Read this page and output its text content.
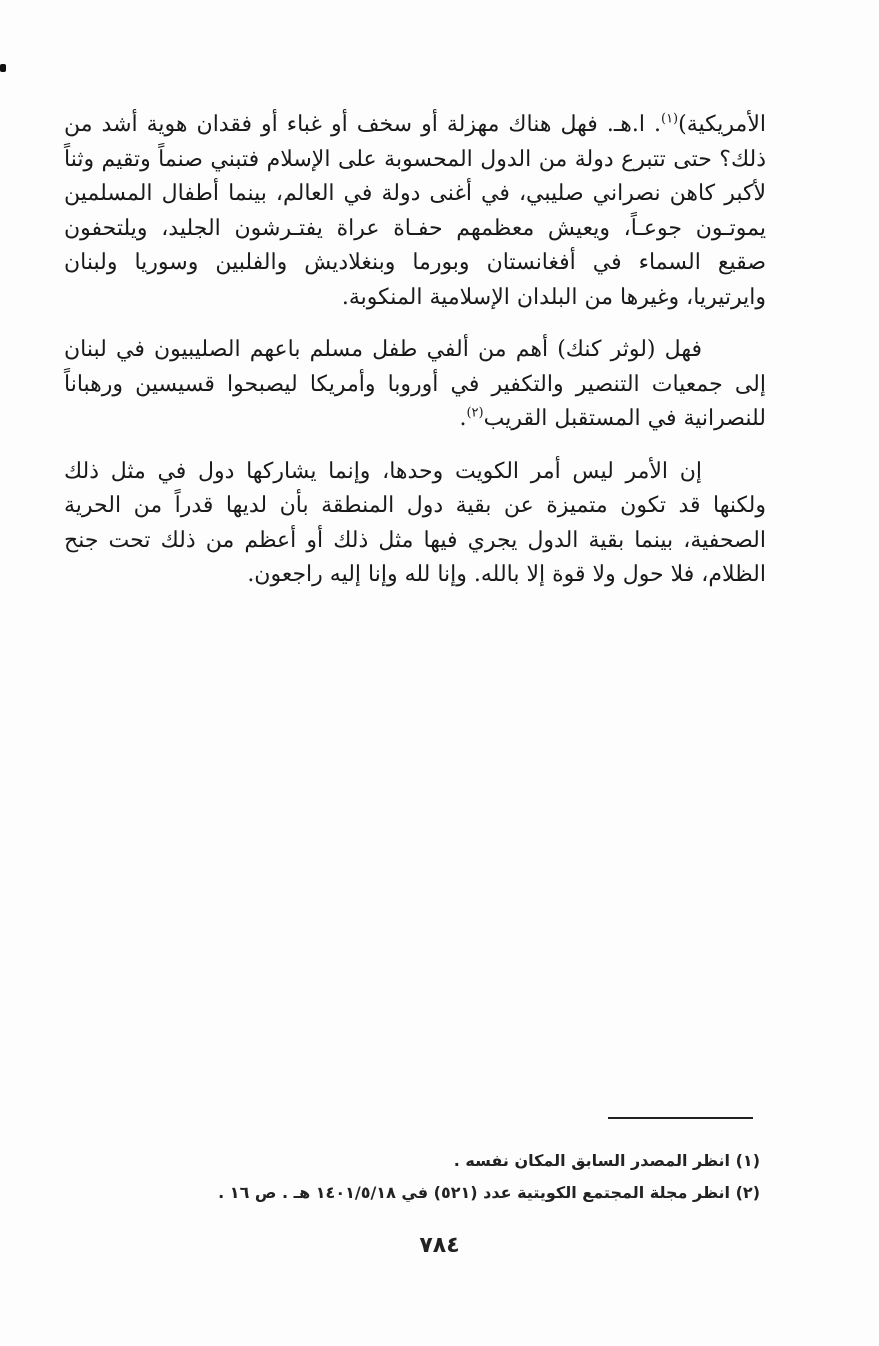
الأمريكية)$^{(١)}$. ا.هـ. فهل هناك مهزلة أو سخف أو غباء أو فقدان هوية أشد من ذلك؟ حتى تتبرع دولة من الدول المحسوبة على الإسلام فتبني صنماً وتقيم وثناً لأكبر كاهن نصراني صليبي، في أغنى دولة في العالم، بينما أطفال المسلمين يموتـون جوعـاً، ويعيش معظمهم حفـاة عراة يفتـرشون الجليد، ويلتحفون صقيع السماء في أفغانستان وبورما وبنغلاديش والفلبين وسوريا ولبنان وايرتيريا، وغيرها من البلدان الإسلامية المنكوبة.

فهل (لوثر كنك) أهم من ألفي طفل مسلم باعهم الصليبيون في لبنان إلى جمعيات التنصير والتكفير في أوروبا وأمريكا ليصبحوا قسيسين ورهباناً للنصرانية في المستقبل القريب$^{(٢)}$.

إن الأمر ليس أمر الكويت وحدها، وإنما يشاركها دول في مثل ذلك ولكنها قد تكون متميزة عن بقية دول المنطقة بأن لديها قدراً من الحرية الصحفية، بينما بقية الدول يجري فيها مثل ذلك أو أعظم من ذلك تحت جنح الظلام، فلا حول ولا قوة إلا بالله. وإنا لله وإنا إليه راجعون.

(١) انظر المصدر السابق المكان نفسه .

(٢) انظر مجلة المجتمع الكويتية عدد (٥٢١) في ١٤٠١/٥/١٨ هـ . ص ١٦ .

٧٨٤
